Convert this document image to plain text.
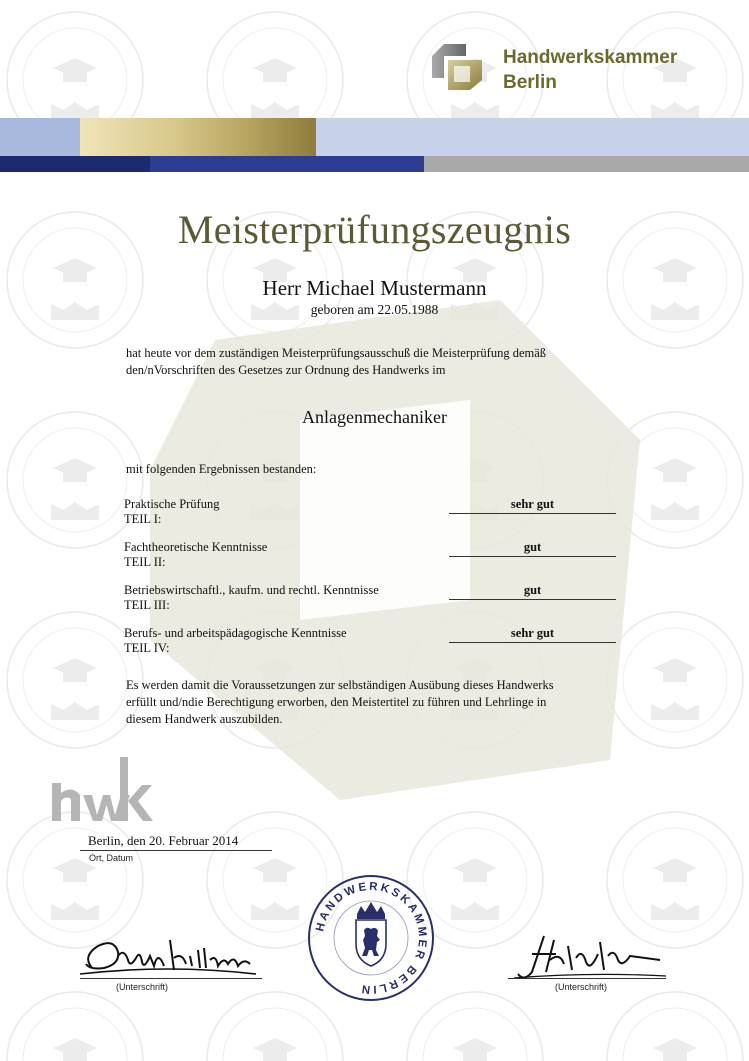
Handwerkskammer
Berlin
Meisterprüfungszeugnis
Herr Michael Mustermann
geboren am 22.05.1988
hat heute vor dem zuständigen Meisterprüfungsausschuß die Meisterprüfung demäß
den/nVorschriften des Gesetzes zur Ordnung des Handwerks im
Anlagenmechaniker
mit folgenden Ergebnissen bestanden:
Praktische Prüfung
TEIL I:
sehr gut
Fachtheoretische Kenntnisse
TEIL II:
gut
Betriebswirtschaftl., kaufm. und rechtl. Kenntnisse
TEIL III:
gut
Berufs- und arbeitspädagogische Kenntnisse
TEIL IV:
sehr gut
Es werden damit die Voraussetzungen zur selbständigen Ausübung dieses Handwerks
erfüllt und/ndie Berechtigung erworben, den Meistertitel zu führen und Lehrlinge in
diesem Handwerk auszubilden.
hwk
Berlin, den 20. Februar 2014
Ort, Datum
HANDWERKSKAMMER BERLIN
(Unterschrift)	(Unterschrift)
